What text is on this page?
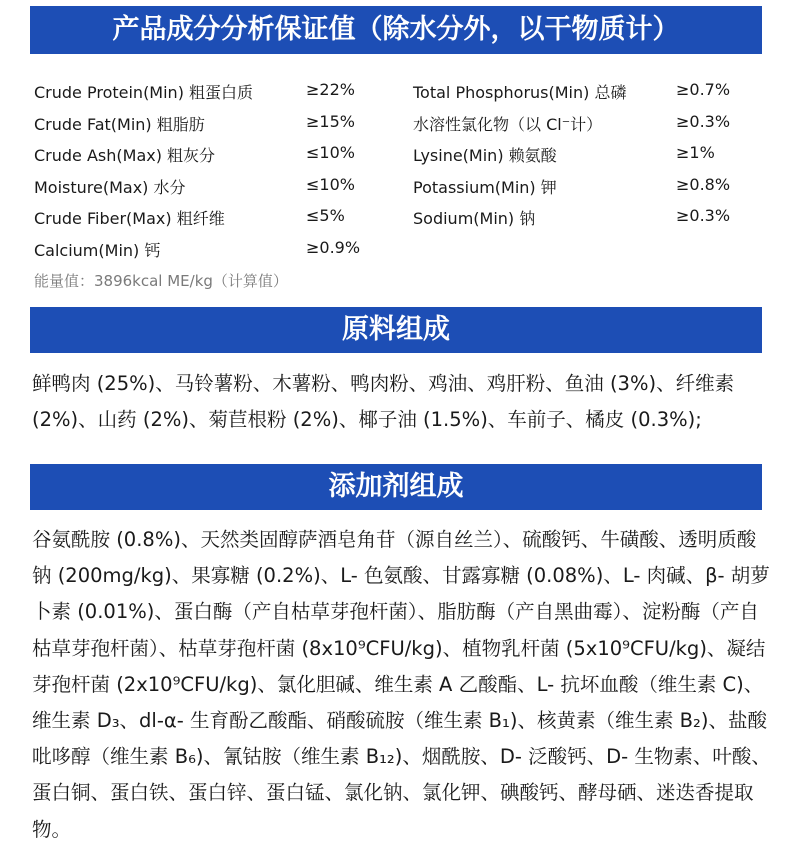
产品成分分析保证值（除水分外，以干物质计）
Crude Protein(Min) 粗蛋白质	≥22%	Total Phosphorus(Min) 总磷	≥0.7%
Crude Fat(Min) 粗脂肪	≥15%	水溶性氯化物（以 Cl⁻计）	≥0.3%
Crude Ash(Max) 粗灰分	≤10%	Lysine(Min) 赖氨酸	≥1%
Moisture(Max) 水分	≤10%	Potassium(Min) 钾	≥0.8%
Crude Fiber(Max) 粗纤维	≤5%	Sodium(Min) 钠	≥0.3%
Calcium(Min) 钙	≥0.9%
能量值：3896kcal ME/kg（计算值）
原料组成
鲜鸭肉 (25%)、马铃薯粉、木薯粉、鸭肉粉、鸡油、鸡肝粉、鱼油 (3%)、纤维素 (2%)、山药 (2%)、菊苣根粉 (2%)、椰子油 (1.5%)、车前子、橘皮 (0.3%);
添加剂组成
谷氨酰胺 (0.8%)、天然类固醇萨酒皂角苷（源自丝兰）、硫酸钙、牛磺酸、透明质酸钠 (200mg/kg)、果寡糖 (0.2%)、L- 色氨酸、甘露寡糖 (0.08%)、L- 肉碱、β- 胡萝卜素 (0.01%)、蛋白酶（产自枯草芽孢杆菌）、脂肪酶（产自黑曲霉）、淀粉酶（产自枯草芽孢杆菌）、枯草芽孢杆菌 (8x10⁹CFU/kg)、植物乳杆菌 (5x10⁹CFU/kg)、凝结芽孢杆菌 (2x10⁹CFU/kg)、氯化胆碱、维生素 A 乙酸酯、L- 抗坏血酸（维生素 C)、维生素 D₃、dl-α- 生育酚乙酸酯、硝酸硫胺（维生素 B₁)、核黄素（维生素 B₂)、盐酸吡哆醇（维生素 B₆)、氰钴胺（维生素 B₁₂)、烟酰胺、D- 泛酸钙、D- 生物素、叶酸、蛋白铜、蛋白铁、蛋白锌、蛋白锰、氯化钠、氯化钾、碘酸钙、酵母硒、迷迭香提取物。
